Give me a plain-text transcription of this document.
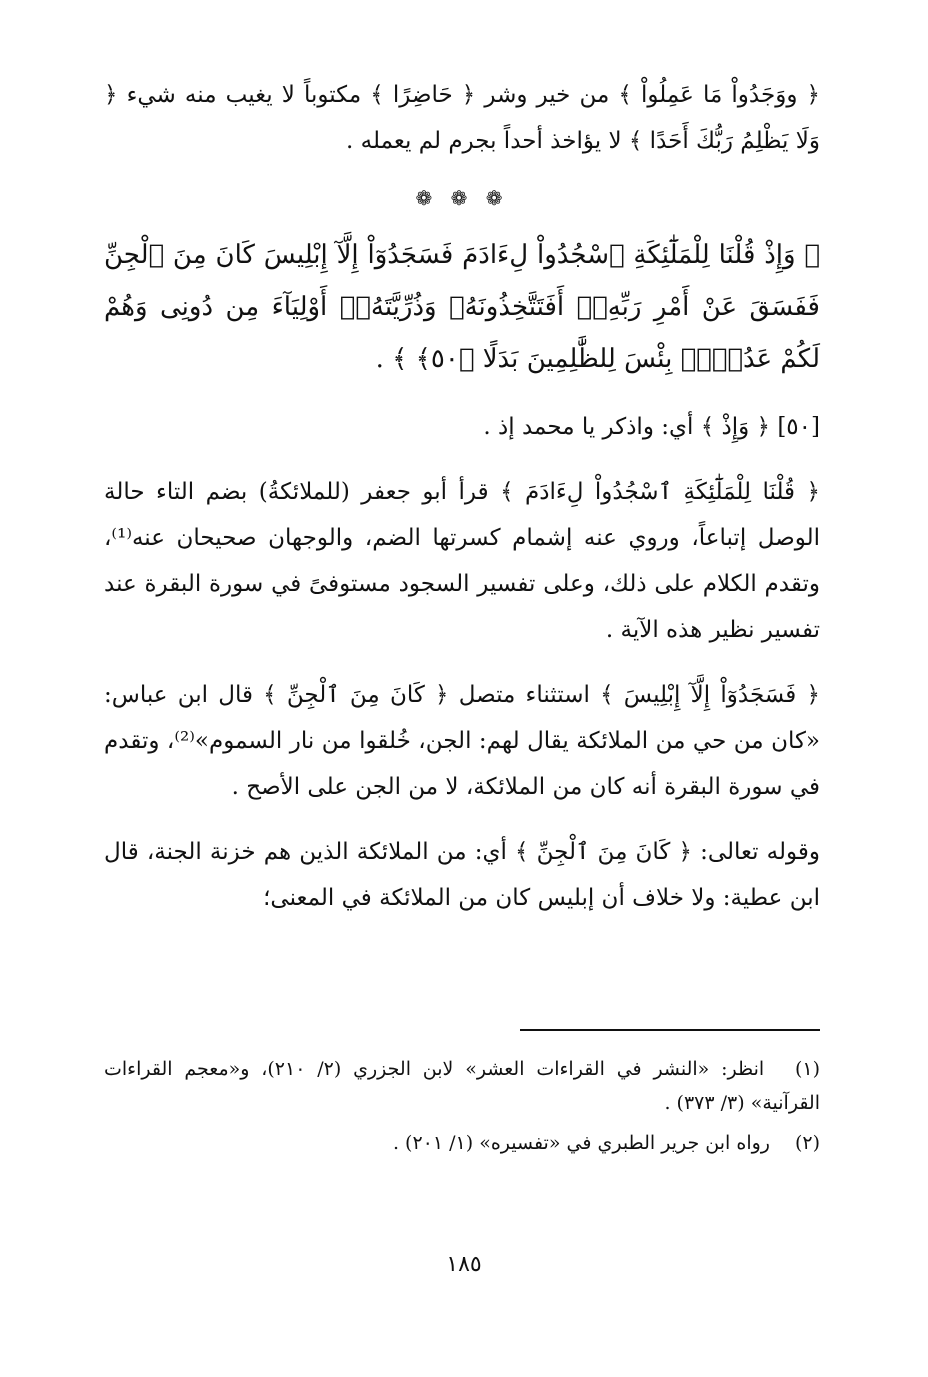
﴿ ووَجَدُواْ مَا عَمِلُواْ ﴾ من خير وشر ﴿ حَاضِرًا ﴾ مكتوباً لا يغيب منه شيء ﴿ وَلَا يَظْلِمُ رَبُّكَ أَحَدًا ﴾ لا يؤاخذ أحداً بجرم لم يعمله .

❁ ❁ ❁

﴿ وَإِذْ قُلْنَا لِلْمَلَٰٓئِكَةِ ٱسْجُدُواْ لِءَادَمَ فَسَجَدُوٓاْ إِلَّآ إِبْلِيسَ كَانَ مِنَ ٱلْجِنِّ فَفَسَقَ عَنْ أَمْرِ رَبِّهِۦٓ أَفَتَتَّخِذُونَهُۥ وَذُرِّيَّتَهُۥٓ أَوْلِيَآءَ مِن دُونِى وَهُمْ لَكُمْ عَدُوٌّۢ بِئْسَ لِلظَّٰلِمِينَ بَدَلًا ﴿٥٠﴾ ﴾ .

[٥٠] ﴿ وَإِذْ ﴾ أي: واذكر يا محمد إذ .

﴿ قُلْنَا لِلْمَلَٰٓئِكَةِ ٱسْجُدُواْ لِءَادَمَ ﴾ قرأ أبو جعفر (للملائكةُ) بضم التاء حالة الوصل إتباعاً، وروي عنه إشمام كسرتها الضم، والوجهان صحيحان عنه⁽¹⁾، وتقدم الكلام على ذلك، وعلى تفسير السجود مستوفىً في سورة البقرة عند تفسير نظير هذه الآية .

﴿ فَسَجَدُوٓاْ إِلَّآ إِبْلِيسَ ﴾ استثناء متصل ﴿ كَانَ مِنَ ٱلْجِنِّ ﴾ قال ابن عباس: «كان من حي من الملائكة يقال لهم: الجن، خُلقوا من نار السموم»⁽²⁾، وتقدم في سورة البقرة أنه كان من الملائكة، لا من الجن على الأصح .

وقوله تعالى: ﴿ كَانَ مِنَ ٱلْجِنِّ ﴾ أي: من الملائكة الذين هم خزنة الجنة، قال ابن عطية: ولا خلاف أن إبليس كان من الملائكة في المعنى؛

(١) انظر: «النشر في القراءات العشر» لابن الجزري (٢/ ٢١٠)، و«معجم القراءات القرآنية» (٣/ ٣٧٣) .
(٢) رواه ابن جرير الطبري في «تفسيره» (١/ ٢٠١) .
١٨٥
